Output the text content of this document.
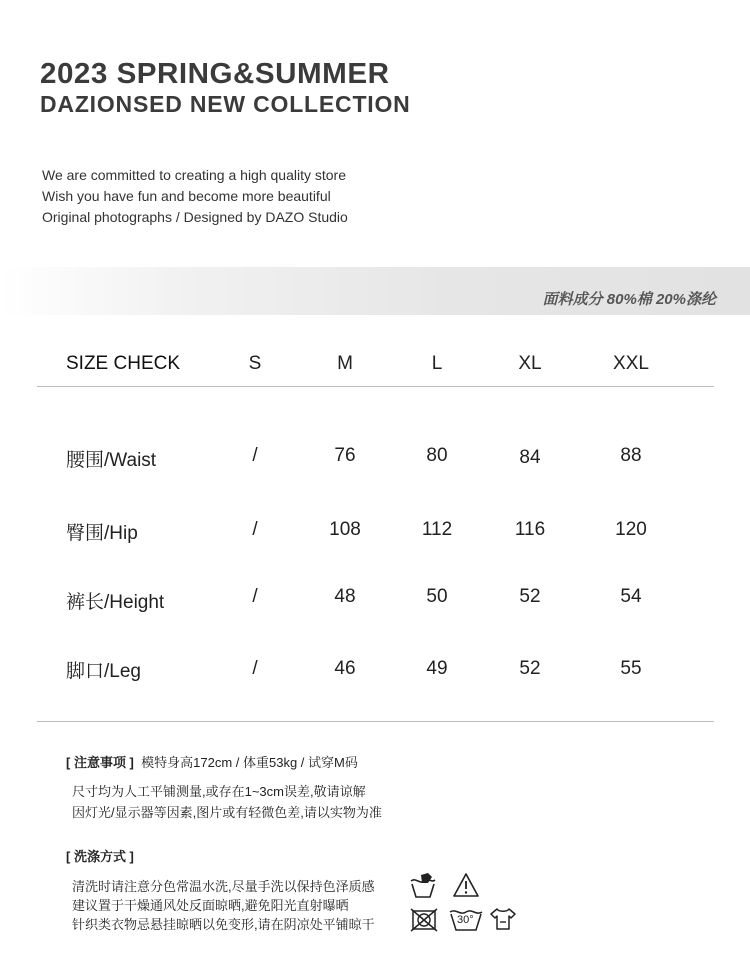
2023 SPRING&SUMMER
DAZIONSED NEW COLLECTION
We are committed to creating a high quality store
Wish you have fun and become more beautiful
Original photographs / Designed by DAZO Studio
面料成分 80%棉 20%涤纶
SIZE CHECK	S	M	L	XL	XXL
腰围/Waist	/	76	80	84	88
臀围/Hip	/	108	112	116	120
裤长/Height	/	48	50	52	54
脚口/Leg	/	46	49	52	55
[ 注意事项 ] 模特身高172cm / 体重53kg / 试穿M码
尺寸均为人工平铺测量,或存在1~3cm误差,敬请谅解
因灯光/显示器等因素,图片或有轻微色差,请以实物为准
[ 洗涤方式 ]
清洗时请注意分色常温水洗,尽量手洗以保持色泽质感
建议置于干燥通风处反面晾晒,避免阳光直射曝晒
针织类衣物忌悬挂晾晒以免变形,请在阴凉处平铺晾干	30°
